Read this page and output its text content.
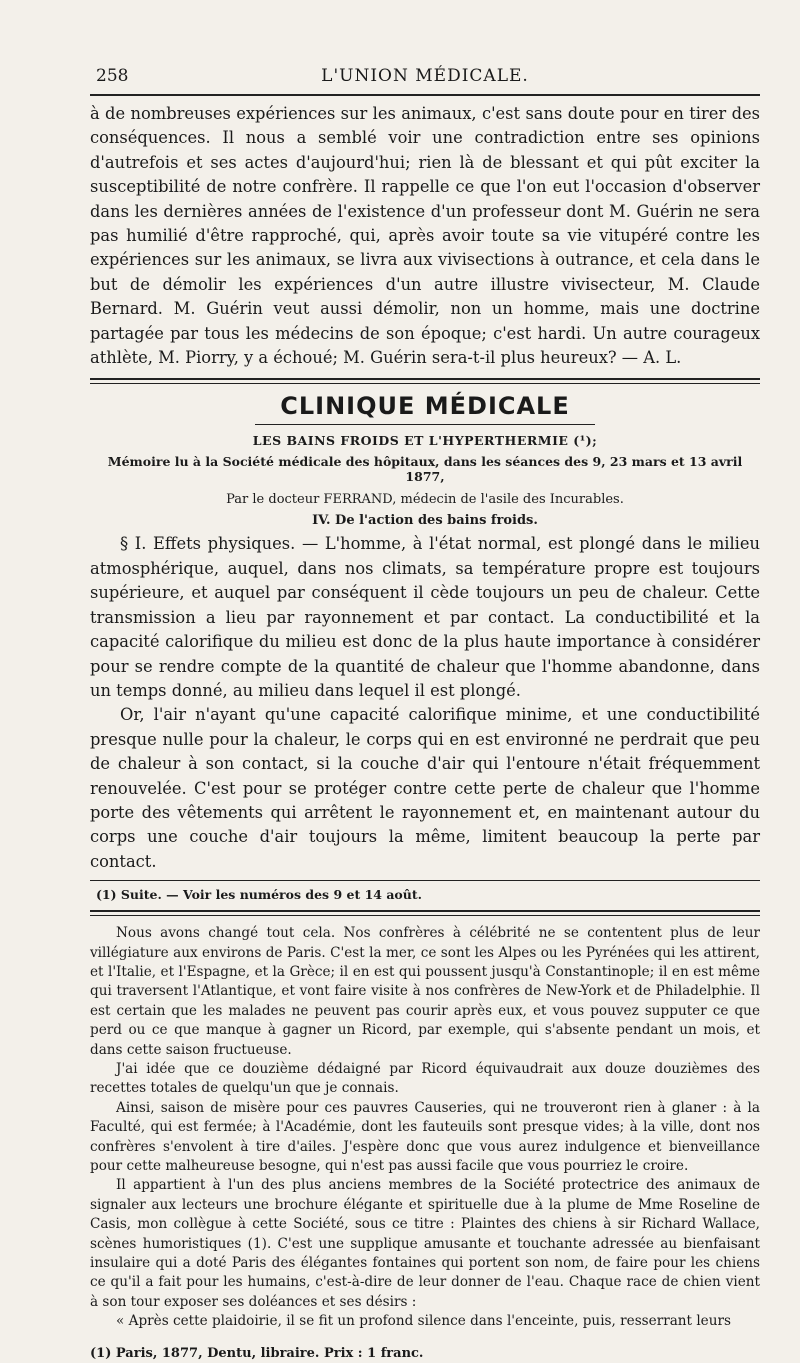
258	L'UNION MÉDICALE.

à de nombreuses expériences sur les animaux, c'est sans doute pour en tirer des conséquences. Il nous a semblé voir une contradiction entre ses opinions d'autrefois et ses actes d'aujourd'hui; rien là de blessant et qui pût exciter la susceptibilité de notre confrère. Il rappelle ce que l'on eut l'occasion d'observer dans les dernières années de l'existence d'un professeur dont M. Guérin ne sera pas humilié d'être rapproché, qui, après avoir toute sa vie vitupéré contre les expériences sur les animaux, se livra aux vivisections à outrance, et cela dans le but de démolir les expériences d'un autre illustre vivisecteur, M. Claude Bernard. M. Guérin veut aussi démolir, non un homme, mais une doctrine partagée par tous les médecins de son époque; c'est hardi. Un autre courageux athlète, M. Piorry, y a échoué; M. Guérin sera-t-il plus heureux? — A. L.

CLINIQUE MÉDICALE
LES BAINS FROIDS ET L'HYPERTHERMIE (¹);
Mémoire lu à la Société médicale des hôpitaux, dans les séances des 9, 23 mars et 13 avril 1877,
Par le docteur FERRAND, médecin de l'asile des Incurables.
IV. De l'action des bains froids.

§ I. Effets physiques. — L'homme, à l'état normal, est plongé dans le milieu atmosphérique, auquel, dans nos climats, sa température propre est toujours supérieure, et auquel par conséquent il cède toujours un peu de chaleur. Cette transmission a lieu par rayonnement et par contact. La conductibilité et la capacité calorifique du milieu est donc de la plus haute importance à considérer pour se rendre compte de la quantité de chaleur que l'homme abandonne, dans un temps donné, au milieu dans lequel il est plongé.

Or, l'air n'ayant qu'une capacité calorifique minime, et une conductibilité presque nulle pour la chaleur, le corps qui en est environné ne perdrait que peu de chaleur à son contact, si la couche d'air qui l'entoure n'était fréquemment renouvelée. C'est pour se protéger contre cette perte de chaleur que l'homme porte des vêtements qui arrêtent le rayonnement et, en maintenant autour du corps une couche d'air toujours la même, limitent beaucoup la perte par contact.

(1) Suite. — Voir les numéros des 9 et 14 août.

Nous avons changé tout cela. Nos confrères à célébrité ne se contentent plus de leur villégiature aux environs de Paris. C'est la mer, ce sont les Alpes ou les Pyrénées qui les attirent, et l'Italie, et l'Espagne, et la Grèce; il en est qui poussent jusqu'à Constantinople; il en est même qui traversent l'Atlantique, et vont faire visite à nos confrères de New-York et de Philadelphie. Il est certain que les malades ne peuvent pas courir après eux, et vous pouvez supputer ce que perd ou ce que manque à gagner un Ricord, par exemple, qui s'absente pendant un mois, et dans cette saison fructueuse.

J'ai idée que ce douzième dédaigné par Ricord équivaudrait aux douze douzièmes des recettes totales de quelqu'un que je connais.

Ainsi, saison de misère pour ces pauvres Causeries, qui ne trouveront rien à glaner : à la Faculté, qui est fermée; à l'Académie, dont les fauteuils sont presque vides; à la ville, dont nos confrères s'envolent à tire d'ailes. J'espère donc que vous aurez indulgence et bienveillance pour cette malheureuse besogne, qui n'est pas aussi facile que vous pourriez le croire.

Il appartient à l'un des plus anciens membres de la Société protectrice des animaux de signaler aux lecteurs une brochure élégante et spirituelle due à la plume de Mme Roseline de Casis, mon collègue à cette Société, sous ce titre : Plaintes des chiens à sir Richard Wallace, scènes humoristiques (1). C'est une supplique amusante et touchante adressée au bienfaisant insulaire qui a doté Paris des élégantes fontaines qui portent son nom, de faire pour les chiens ce qu'il a fait pour les humains, c'est-à-dire de leur donner de l'eau. Chaque race de chien vient à son tour exposer ses doléances et ses désirs :

« Après cette plaidoirie, il se fit un profond silence dans l'enceinte, puis, resserrant leurs

(1) Paris, 1877, Dentu, libraire. Prix : 1 franc.
